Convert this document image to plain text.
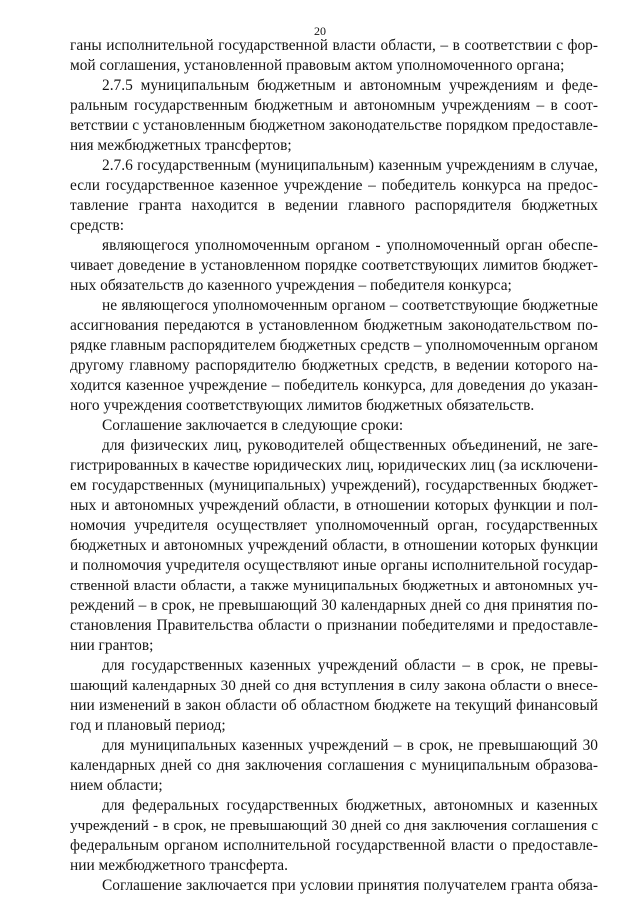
20
ганы исполнительной государственной власти области, – в соответствии с фор-
мой соглашения, установленной правовым актом уполномоченного органа;
2.7.5 муниципальным бюджетным и автономным учреждениям и феде-
ральным государственным бюджетным и автономным учреждениям – в соот-
ветствии с установленным бюджетном законодательстве порядком предоставле-
ния межбюджетных трансфертов;
2.7.6 государственным (муниципальным) казенным учреждениям в случае,
если государственное казенное учреждение – победитель конкурса на предос-
тавление гранта находится в ведении главного распорядителя бюджетных
средств:
являющегося уполномоченным органом - уполномоченный орган обеспе-
чивает доведение в установленном порядке соответствующих лимитов бюджет-
ных обязательств до казенного учреждения – победителя конкурса;
не являющегося уполномоченным органом – соответствующие бюджетные
ассигнования передаются в установленном бюджетным законодательством по-
рядке главным распорядителем бюджетных средств – уполномоченным органом
другому главному распорядителю бюджетных средств, в ведении которого на-
ходится казенное учреждение – победитель конкурса, для доведения до указан-
ного учреждения соответствующих лимитов бюджетных обязательств.
Соглашение заключается в следующие сроки:
для физических лиц, руководителей общественных объединений, не зare-
гистрированных в качестве юридических лиц, юридических лиц (за исключени-
ем государственных (муниципальных) учреждений), государственных бюджет-
ных и автономных учреждений области, в отношении которых функции и пол-
номочия учредителя осуществляет уполномоченный орган, государственных
бюджетных и автономных учреждений области, в отношении которых функции
и полномочия учредителя осуществляют иные органы исполнительной государ-
ственной власти области, а также муниципальных бюджетных и автономных уч-
реждений – в срок, не превышающий 30 календарных дней со дня принятия по-
становления Правительства области о признании победителями и предоставле-
нии грантов;
для государственных казенных учреждений области – в срок, не превы-
шающий календарных 30 дней со дня вступления в силу закона области о внесе-
нии изменений в закон области об областном бюджете на текущий финансовый
год и плановый период;
для муниципальных казенных учреждений – в срок, не превышающий 30
календарных дней со дня заключения соглашения с муниципальным образова-
нием области;
для федеральных государственных бюджетных, автономных и казенных
учреждений - в срок, не превышающий 30 дней со дня заключения соглашения с
федеральным органом исполнительной государственной власти о предоставле-
нии межбюджетного трансферта.
Соглашение заключается при условии принятия получателем гранта обяза-
